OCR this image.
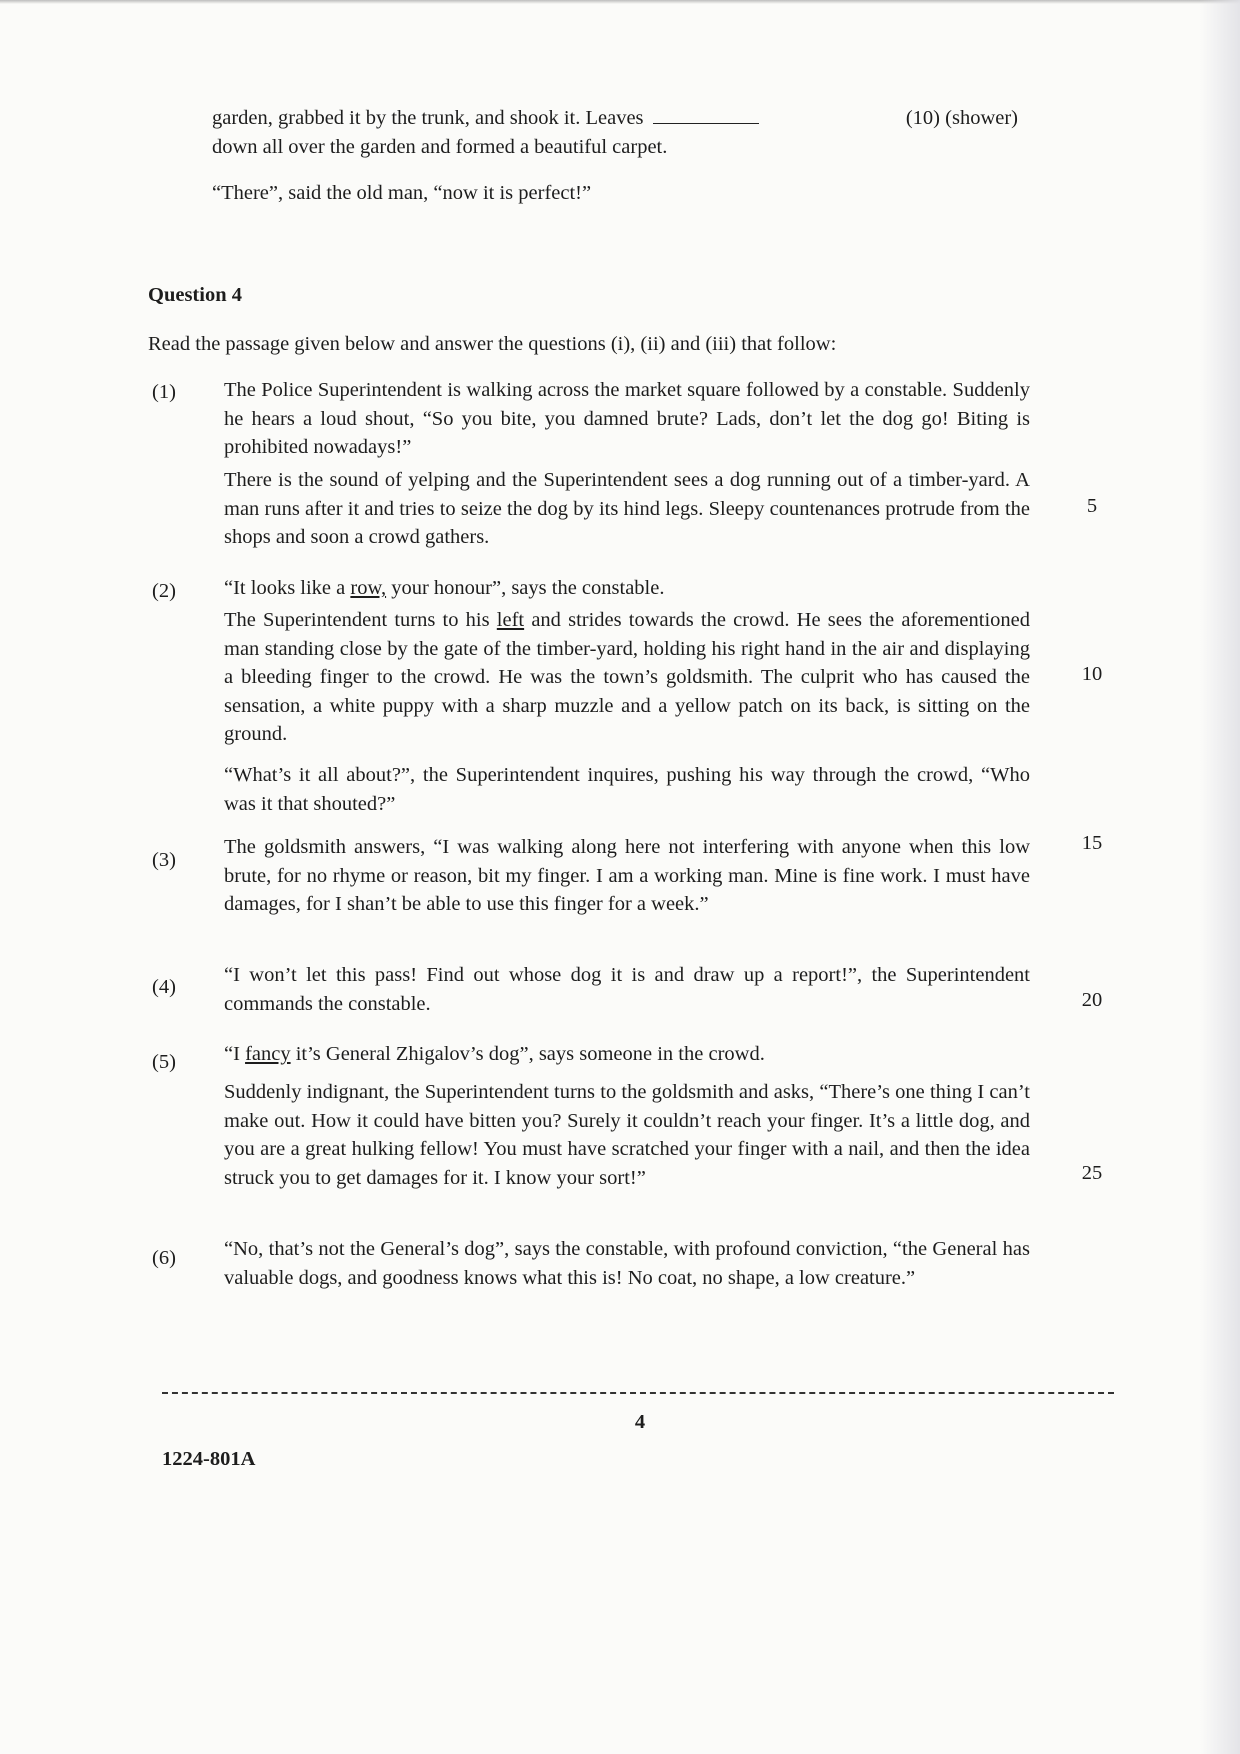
garden, grabbed it by the trunk, and shook it. Leaves	(10) (shower)

down all over the garden and formed a beautiful carpet.

“There”, said the old man, “now it is perfect!”

Question 4

Read the passage given below and answer the questions (i), (ii) and (iii) that follow:

(1) The Police Superintendent is walking across the market square followed by a constable. Suddenly he hears a loud shout, “So you bite, you damned brute? Lads, don’t let the dog go! Biting is prohibited nowadays!”

There is the sound of yelping and the Superintendent sees a dog running out of a timber-yard. A man runs after it and tries to seize the dog by its hind legs. Sleepy countenances protrude from the shops and soon a crowd gathers.

5
(2) “It looks like a row, your honour”, says the constable.

The Superintendent turns to his left and strides towards the crowd. He sees the aforementioned man standing close by the gate of the timber-yard, holding his right hand in the air and displaying a bleeding finger to the crowd. He was the town’s goldsmith. The culprit who has caused the sensation, a white puppy with a sharp muzzle and a yellow patch on its back, is sitting on the ground.

10

“What’s it all about?”, the Superintendent inquires, pushing his way through the crowd, “Who was it that shouted?”

(3)

The goldsmith answers, “I was walking along here not interfering with anyone when this low brute, for no rhyme or reason, bit my finger. I am a working man. Mine is fine work. I must have damages, for I shan’t be able to use this finger for a week.”

15
(4)

“I won’t let this pass! Find out whose dog it is and draw up a report!”, the Superintendent commands the constable.	20
(5) “I fancy it’s General Zhigalov’s dog”, says someone in the crowd.

Suddenly indignant, the Superintendent turns to the goldsmith and asks, “There’s one thing I can’t make out. How it could have bitten you? Surely it couldn’t reach your finger. It’s a little dog, and you are a great hulking fellow! You must have scratched your finger with a nail, and then the idea struck you to get damages for it. I know your sort!”	25
(6) “No, that’s not the General’s dog”, says the constable, with profound conviction, “the General has valuable dogs, and goodness knows what this is! No coat, no shape, a low creature.”

4

1224-801A
